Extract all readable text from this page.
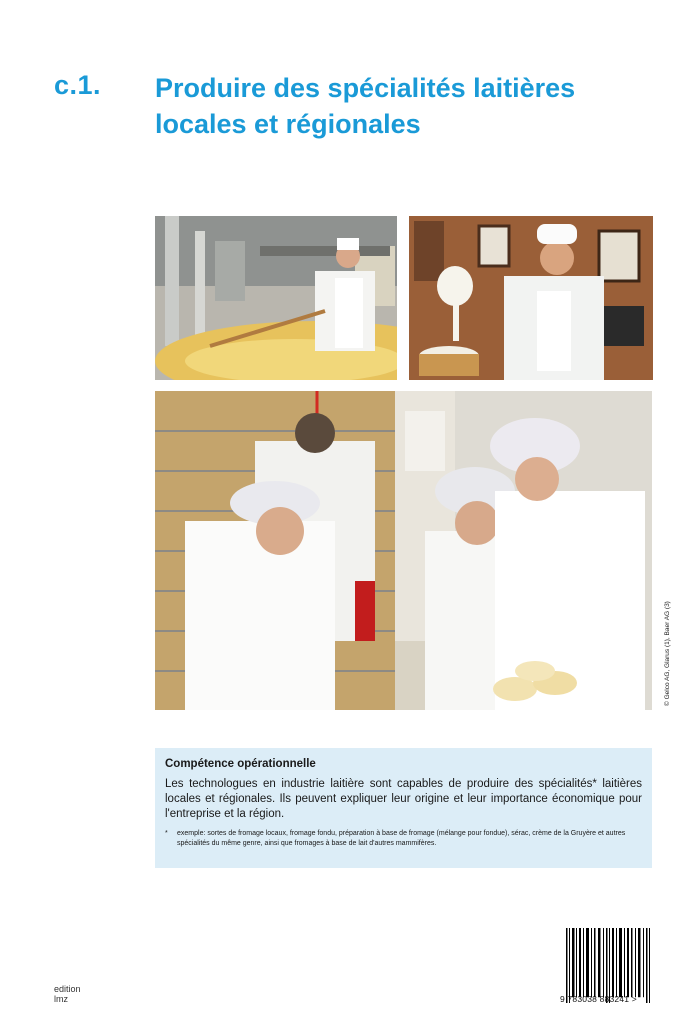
c.1. Produire des spécialités laitières
locales et régionales
© Gelco AG, Glarus (1), Baer AG (3)
Compétence opérationnelle
Les technologues en industrie laitière sont capables de produire des spécialités* laitières locales et régionales. Ils peuvent expliquer leur origine et leur importance économique pour l'entreprise et la région.
*	exemple: sortes de fromage locaux, fromage fondu, préparation à base de fromage (mélange pour fondue), sérac, crème de la Gruyère et autres spécialités du même genre, ainsi que fromages à base de lait d'autres mammifères.
edition
lmz	9 783038 883241 >
